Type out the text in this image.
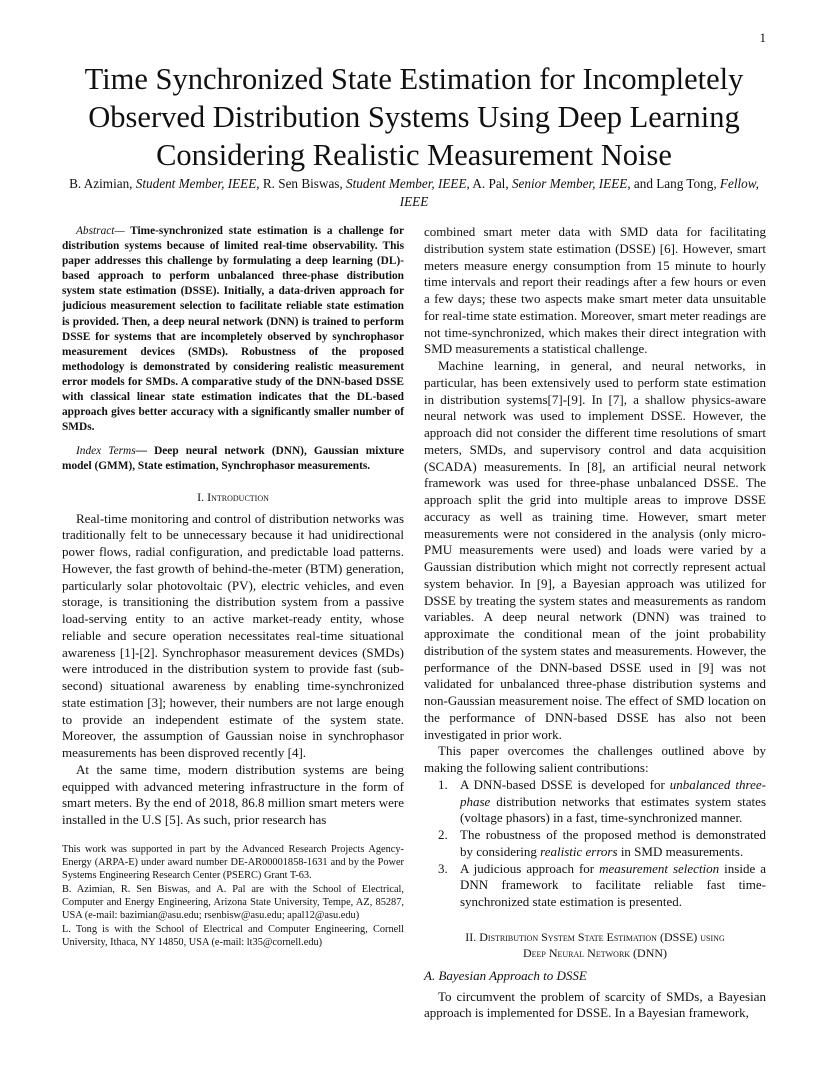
1
Time Synchronized State Estimation for Incompletely Observed Distribution Systems Using Deep Learning Considering Realistic Measurement Noise
B. Azimian, Student Member, IEEE, R. Sen Biswas, Student Member, IEEE, A. Pal, Senior Member, IEEE, and Lang Tong, Fellow, IEEE

Abstract— Time-synchronized state estimation is a challenge for distribution systems because of limited real-time observability. This paper addresses this challenge by formulating a deep learning (DL)-based approach to perform unbalanced three-phase distribution system state estimation (DSSE). Initially, a data-driven approach for judicious measurement selection to facilitate reliable state estimation is provided. Then, a deep neural network (DNN) is trained to perform DSSE for systems that are incompletely observed by synchrophasor measurement devices (SMDs). Robustness of the proposed methodology is demonstrated by considering realistic measurement error models for SMDs. A comparative study of the DNN-based DSSE with classical linear state estimation indicates that the DL-based approach gives better accuracy with a significantly smaller number of SMDs.

Index Terms— Deep neural network (DNN), Gaussian mixture model (GMM), State estimation, Synchrophasor measurements.

I. Introduction

Real-time monitoring and control of distribution networks was traditionally felt to be unnecessary because it had unidirectional power flows, radial configuration, and predictable load patterns. However, the fast growth of behind-the-meter (BTM) generation, particularly solar photovoltaic (PV), electric vehicles, and even storage, is transitioning the distribution system from a passive load-serving entity to an active market-ready entity, whose reliable and secure operation necessitates real-time situational awareness [1]-[2]. Synchrophasor measurement devices (SMDs) were introduced in the distribution system to provide fast (sub-second) situational awareness by enabling time-synchronized state estimation [3]; however, their numbers are not large enough to provide an independent estimate of the system state. Moreover, the assumption of Gaussian noise in synchrophasor measurements has been disproved recently [4].

At the same time, modern distribution systems are being equipped with advanced metering infrastructure in the form of smart meters. By the end of 2018, 86.8 million smart meters were installed in the U.S [5]. As such, prior research has

This work was supported in part by the Advanced Research Projects Agency-Energy (ARPA-E) under award number DE-AR00001858-1631 and by the Power Systems Engineering Research Center (PSERC) Grant T-63.

B. Azimian, R. Sen Biswas, and A. Pal are with the School of Electrical, Computer and Energy Engineering, Arizona State University, Tempe, AZ, 85287, USA (e-mail: bazimian@asu.edu; rsenbisw@asu.edu; apal12@asu.edu)

L. Tong is with the School of Electrical and Computer Engineering, Cornell University, Ithaca, NY 14850, USA (e-mail: lt35@cornell.edu)

combined smart meter data with SMD data for facilitating distribution system state estimation (DSSE) [6]. However, smart meters measure energy consumption from 15 minute to hourly time intervals and report their readings after a few hours or even a few days; these two aspects make smart meter data unsuitable for real-time state estimation. Moreover, smart meter readings are not time-synchronized, which makes their direct integration with SMD measurements a statistical challenge.

Machine learning, in general, and neural networks, in particular, has been extensively used to perform state estimation in distribution systems[7]-[9]. In [7], a shallow physics-aware neural network was used to implement DSSE. However, the approach did not consider the different time resolutions of smart meters, SMDs, and supervisory control and data acquisition (SCADA) measurements. In [8], an artificial neural network framework was used for three-phase unbalanced DSSE. The approach split the grid into multiple areas to improve DSSE accuracy as well as training time. However, smart meter measurements were not considered in the analysis (only micro-PMU measurements were used) and loads were varied by a Gaussian distribution which might not correctly represent actual system behavior. In [9], a Bayesian approach was utilized for DSSE by treating the system states and measurements as random variables. A deep neural network (DNN) was trained to approximate the conditional mean of the joint probability distribution of the system states and measurements. However, the performance of the DNN-based DSSE used in [9] was not validated for unbalanced three-phase distribution systems and non-Gaussian measurement noise. The effect of SMD location on the performance of DNN-based DSSE has also not been investigated in prior work.

This paper overcomes the challenges outlined above by making the following salient contributions:

1. A DNN-based DSSE is developed for unbalanced three-phase distribution networks that estimates system states (voltage phasors) in a fast, time-synchronized manner.
2. The robustness of the proposed method is demonstrated by considering realistic errors in SMD measurements.
3. A judicious approach for measurement selection inside a DNN framework to facilitate reliable fast time-synchronized state estimation is presented.
II. Distribution System State Estimation (DSSE) using
Deep Neural Network (DNN)

A. Bayesian Approach to DSSE

To circumvent the problem of scarcity of SMDs, a Bayesian approach is implemented for DSSE. In a Bayesian framework,
